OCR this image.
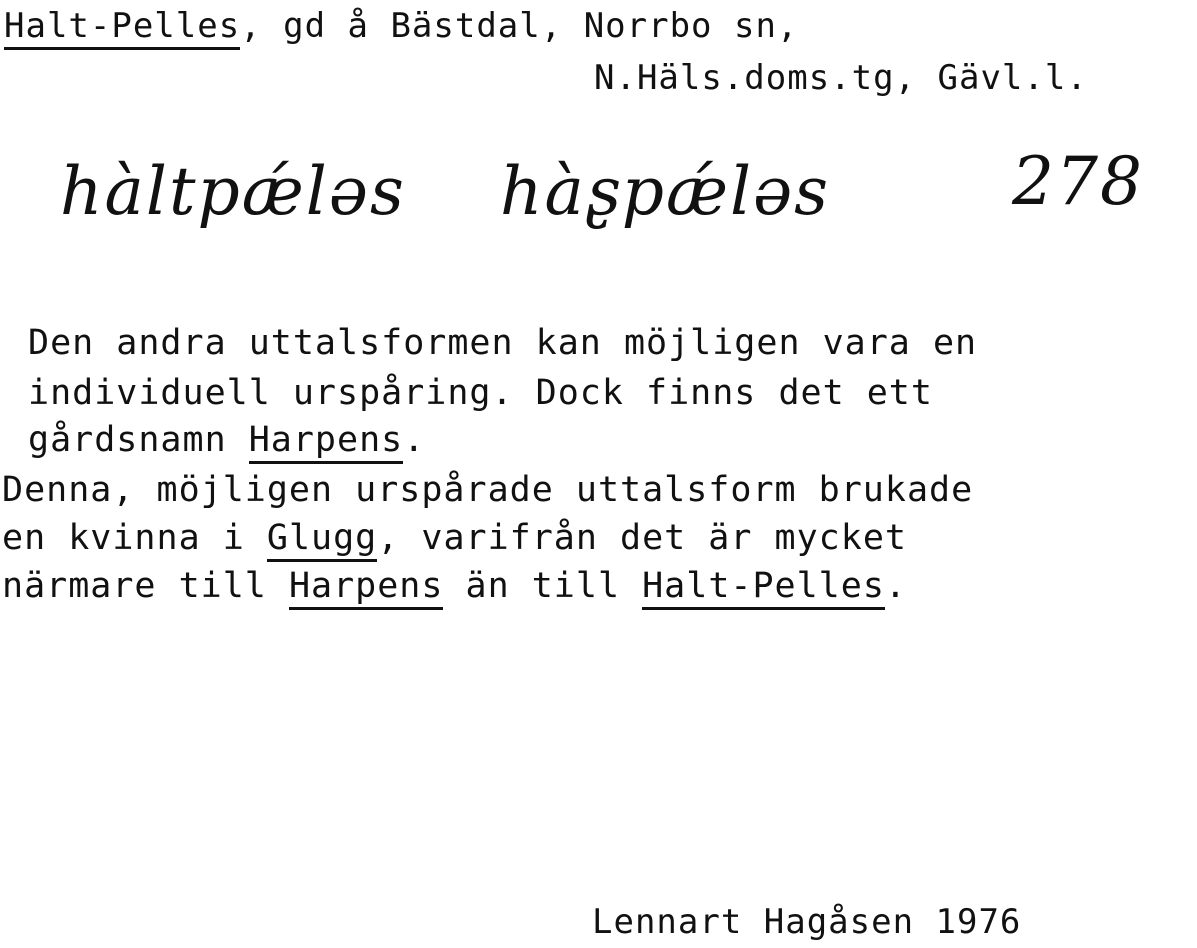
Halt-Pelles, gd å Bästdal, Norrbo sn,
N.Häls.doms.tg, Gävl.l.
hàltpǽləs hàʂpǽləs	278
Den andra uttalsformen kan möjligen vara en
individuell urspåring. Dock finns det ett
gårdsnamn Harpens.
Denna, möjligen urspårade uttalsform brukade
en kvinna i Glugg, varifrån det är mycket
närmare till Harpens än till Halt-Pelles.
Lennart Hagåsen 1976
